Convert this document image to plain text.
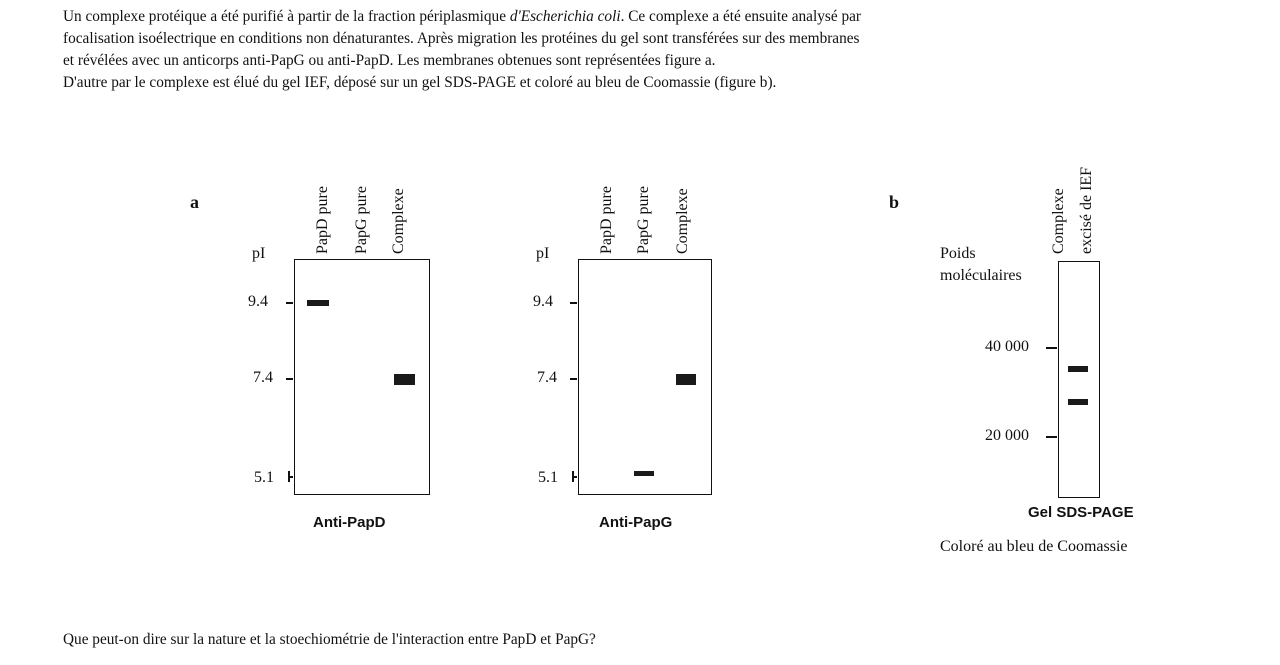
Un complexe protéique a été purifié à partir de la fraction périplasmique d'Escherichia coli. Ce complexe a été ensuite analysé par

focalisation isoélectrique en conditions non dénaturantes. Après migration les protéines du gel sont transférées sur des membranes

et révélées avec un anticorps anti-PapG ou anti-PapD. Les membranes obtenues sont représentées figure a.

D'autre par le complexe est élué du gel IEF, déposé sur un gel SDS-PAGE et coloré au bleu de Coomassie (figure b).

a
pI	PapD pure PapG pure Complexe
9.4
7.4
5.1
Anti-PapD
pI	PapD pure PapG pure Complexe
9.4
7.4
5.1
Anti-PapG
b	Complexe excisé de IEF
Poids
moléculaires
40 000
20 000
Gel SDS-PAGE
Coloré au bleu de Coomassie
Que peut-on dire sur la nature et la stoechiométrie de l'interaction entre PapD et PapG?
